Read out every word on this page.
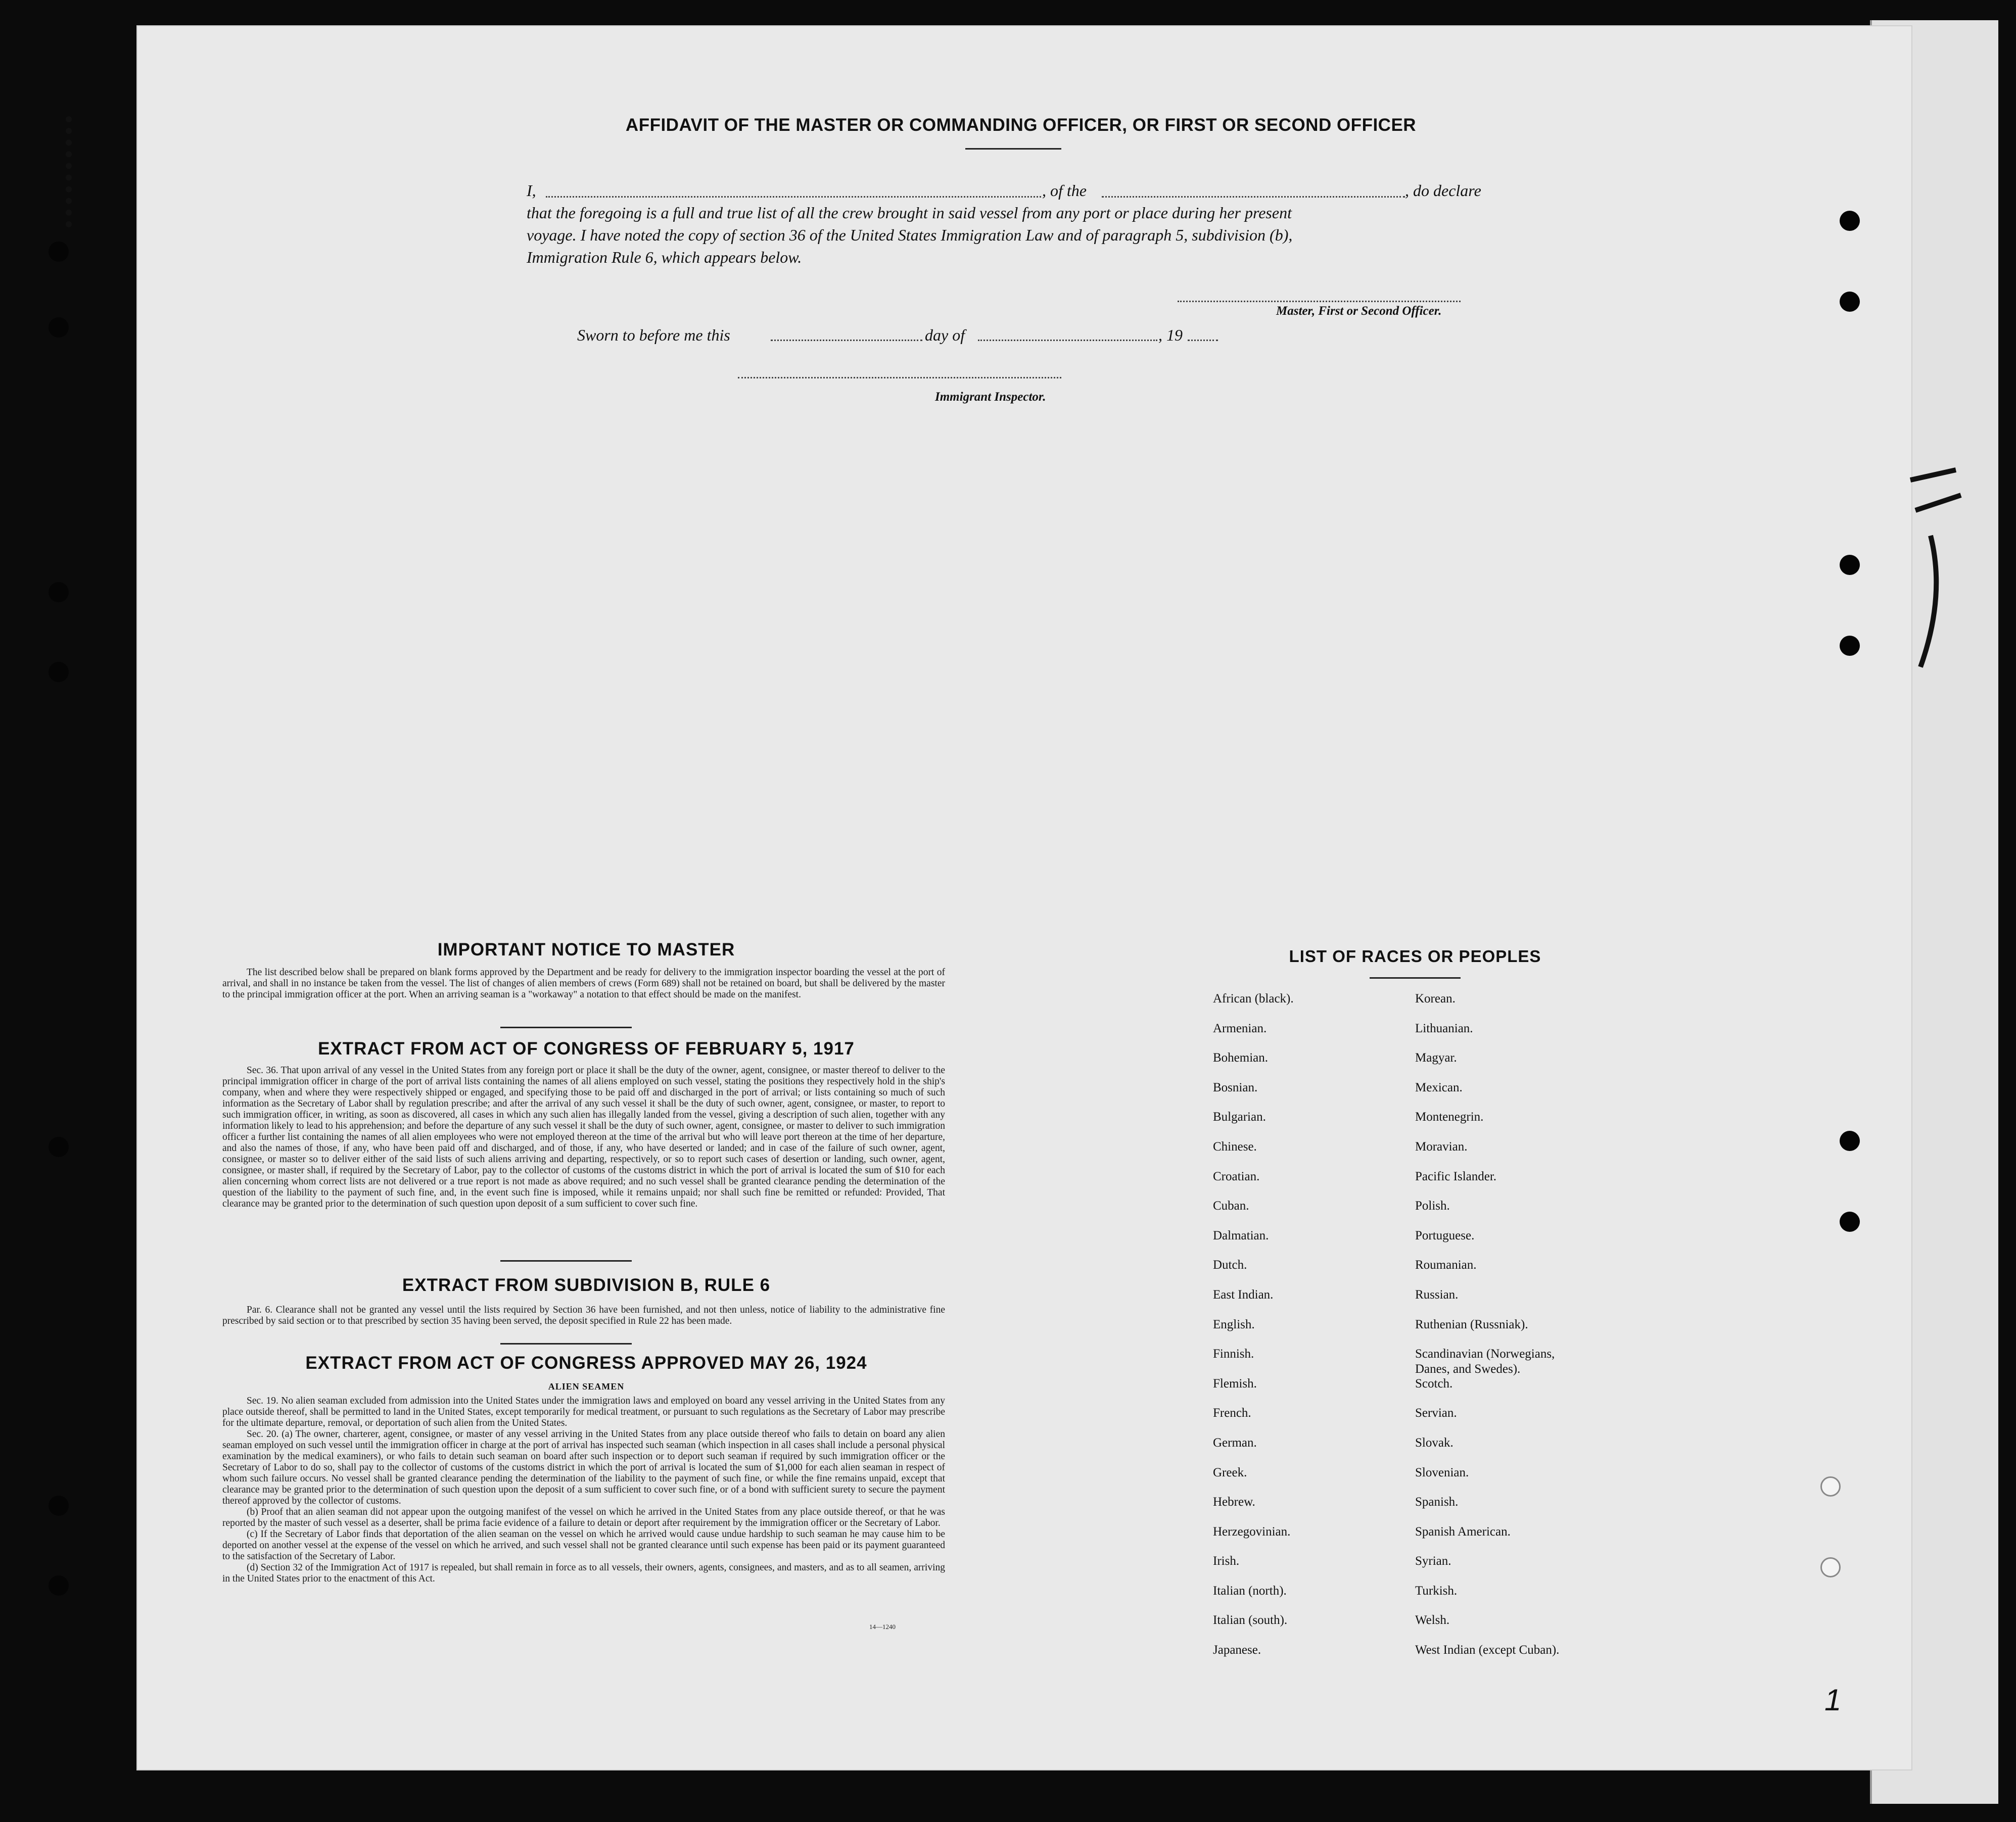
AFFIDAVIT OF THE MASTER OR COMMANDING OFFICER, OR FIRST OR SECOND OFFICER
I,	, of the	, do declare
that the foregoing is a full and true list of all the crew brought in said vessel from any port or place during her present
voyage. I have noted the copy of section 36 of the United States Immigration Law and of paragraph 5, subdivision (b),
Immigration Rule 6, which appears below.
Master, First or Second Officer.
Sworn to before me this	day of	, 19
Immigrant Inspector.
IMPORTANT NOTICE TO MASTER

The list described below shall be prepared on blank forms approved by the Department and be ready for delivery to the immigration inspector boarding the vessel at the port of arrival, and shall in no instance be taken from the vessel. The list of changes of alien members of crews (Form 689) shall not be retained on board, but shall be delivered by the master to the principal immigration officer at the port. When an arriving seaman is a "workaway" a notation to that effect should be made on the manifest.

EXTRACT FROM ACT OF CONGRESS OF FEBRUARY 5, 1917

Sec. 36. That upon arrival of any vessel in the United States from any foreign port or place it shall be the duty of the owner, agent, consignee, or master thereof to deliver to the principal immigration officer in charge of the port of arrival lists containing the names of all aliens employed on such vessel, stating the positions they respectively hold in the ship's company, when and where they were respectively shipped or engaged, and specifying those to be paid off and discharged in the port of arrival; or lists containing so much of such information as the Secretary of Labor shall by regulation prescribe; and after the arrival of any such vessel it shall be the duty of such owner, agent, consignee, or master, to report to such immigration officer, in writing, as soon as discovered, all cases in which any such alien has illegally landed from the vessel, giving a description of such alien, together with any information likely to lead to his apprehension; and before the departure of any such vessel it shall be the duty of such owner, agent, consignee, or master to deliver to such immigration officer a further list containing the names of all alien employees who were not employed thereon at the time of the arrival but who will leave port thereon at the time of her departure, and also the names of those, if any, who have been paid off and discharged, and of those, if any, who have deserted or landed; and in case of the failure of such owner, agent, consignee, or master so to deliver either of the said lists of such aliens arriving and departing, respectively, or so to report such cases of desertion or landing, such owner, agent, consignee, or master shall, if required by the Secretary of Labor, pay to the collector of customs of the customs district in which the port of arrival is located the sum of $10 for each alien concerning whom correct lists are not delivered or a true report is not made as above required; and no such vessel shall be granted clearance pending the determination of the question of the liability to the payment of such fine, and, in the event such fine is imposed, while it remains unpaid; nor shall such fine be remitted or refunded: Provided, That clearance may be granted prior to the determination of such question upon deposit of a sum sufficient to cover such fine.

EXTRACT FROM SUBDIVISION B, RULE 6

Par. 6. Clearance shall not be granted any vessel until the lists required by Section 36 have been furnished, and not then unless, notice of liability to the administrative fine prescribed by said section or to that prescribed by section 35 having been served, the deposit specified in Rule 22 has been made.

EXTRACT FROM ACT OF CONGRESS APPROVED MAY 26, 1924
ALIEN SEAMEN

Sec. 19. No alien seaman excluded from admission into the United States under the immigration laws and employed on board any vessel arriving in the United States from any place outside thereof, shall be permitted to land in the United States, except temporarily for medical treatment, or pursuant to such regulations as the Secretary of Labor may prescribe for the ultimate departure, removal, or deportation of such alien from the United States.

Sec. 20. (a) The owner, charterer, agent, consignee, or master of any vessel arriving in the United States from any place outside thereof who fails to detain on board any alien seaman employed on such vessel until the immigration officer in charge at the port of arrival has inspected such seaman (which inspection in all cases shall include a personal physical examination by the medical examiners), or who fails to detain such seaman on board after such inspection or to deport such seaman if required by such immigration officer or the Secretary of Labor to do so, shall pay to the collector of customs of the customs district in which the port of arrival is located the sum of $1,000 for each alien seaman in respect of whom such failure occurs. No vessel shall be granted clearance pending the determination of the liability to the payment of such fine, or while the fine remains unpaid, except that clearance may be granted prior to the determination of such question upon the deposit of a sum sufficient to cover such fine, or of a bond with sufficient surety to secure the payment thereof approved by the collector of customs.

(b) Proof that an alien seaman did not appear upon the outgoing manifest of the vessel on which he arrived in the United States from any place outside thereof, or that he was reported by the master of such vessel as a deserter, shall be prima facie evidence of a failure to detain or deport after requirement by the immigration officer or the Secretary of Labor.

(c) If the Secretary of Labor finds that deportation of the alien seaman on the vessel on which he arrived would cause undue hardship to such seaman he may cause him to be deported on another vessel at the expense of the vessel on which he arrived, and such vessel shall not be granted clearance until such expense has been paid or its payment guaranteed to the satisfaction of the Secretary of Labor.

(d) Section 32 of the Immigration Act of 1917 is repealed, but shall remain in force as to all vessels, their owners, agents, consignees, and masters, and as to all seamen, arriving in the United States prior to the enactment of this Act.

14—1240
LIST OF RACES OR PEOPLES
African (black).
Armenian.
Bohemian.
Bosnian.
Bulgarian.
Chinese.
Croatian.
Cuban.
Dalmatian.
Dutch.
East Indian.
English.
Finnish.
Flemish.
French.
German.
Greek.
Hebrew.
Herzegovinian.
Irish.
Italian (north).
Italian (south).
Japanese.
Korean.
Lithuanian.
Magyar.
Mexican.
Montenegrin.
Moravian.
Pacific Islander.
Polish.
Portuguese.
Roumanian.
Russian.
Ruthenian (Russniak).
Scandinavian (Norwegians,
Danes, and Swedes).
Scotch.
Servian.
Slovak.
Slovenian.
Spanish.
Spanish American.
Syrian.
Turkish.
Welsh.
West Indian (except Cuban).
1
